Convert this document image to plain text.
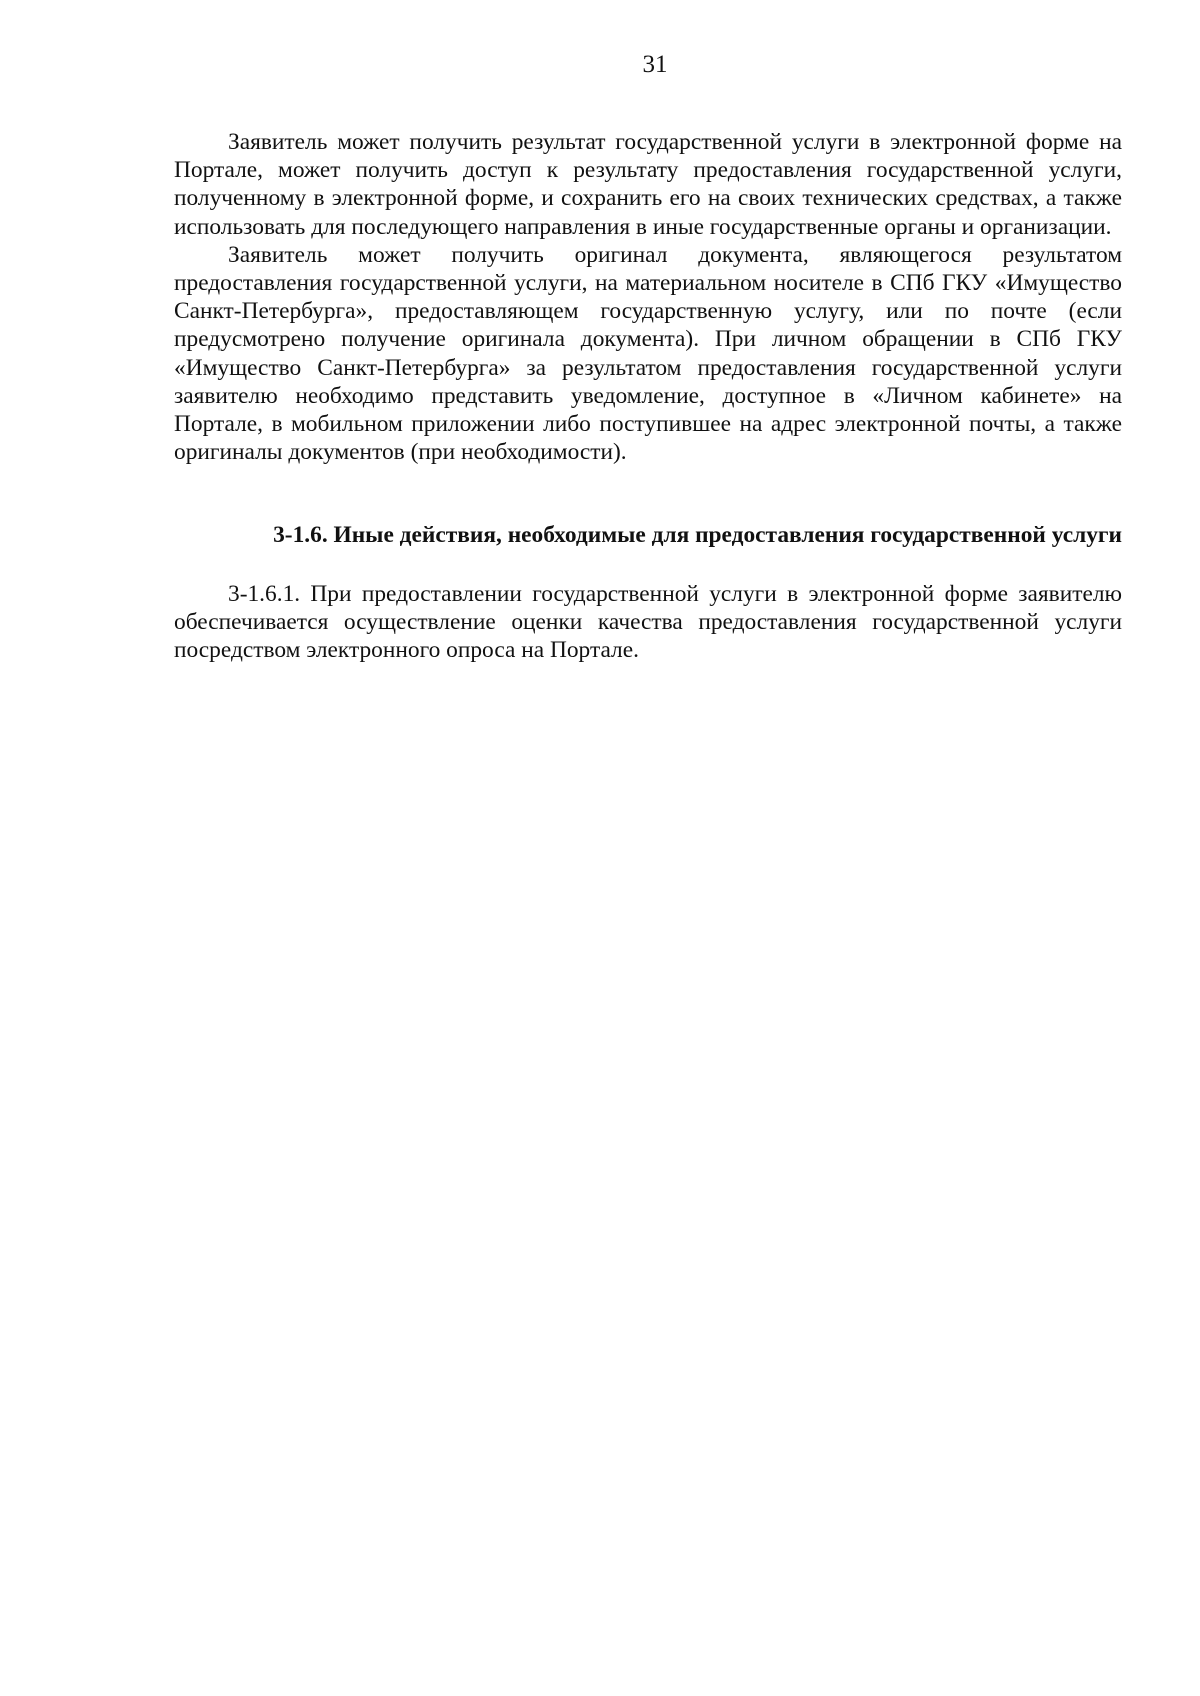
31

Заявитель может получить результат государственной услуги в электронной форме на Портале, может получить доступ к результату предоставления государственной услуги, полученному в электронной форме, и сохранить его на своих технических средствах, а также использовать для последующего направления в иные государственные органы и организации.

Заявитель может получить оригинал документа, являющегося результатом предоставления государственной услуги, на материальном носителе в СПб ГКУ «Имущество Санкт-Петербурга», предоставляющем государственную услугу, или по почте (если предусмотрено получение оригинала документа). При личном обращении в СПб ГКУ «Имущество Санкт-Петербурга» за результатом предоставления государственной услуги заявителю необходимо представить уведомление, доступное в «Личном кабинете» на Портале, в мобильном приложении либо поступившее на адрес электронной почты, а также оригиналы документов (при необходимости).

3-1.6. Иные действия, необходимые для предоставления государственной услуги

3-1.6.1. При предоставлении государственной услуги в электронной форме заявителю обеспечивается осуществление оценки качества предоставления государственной услуги посредством электронного опроса на Портале.
